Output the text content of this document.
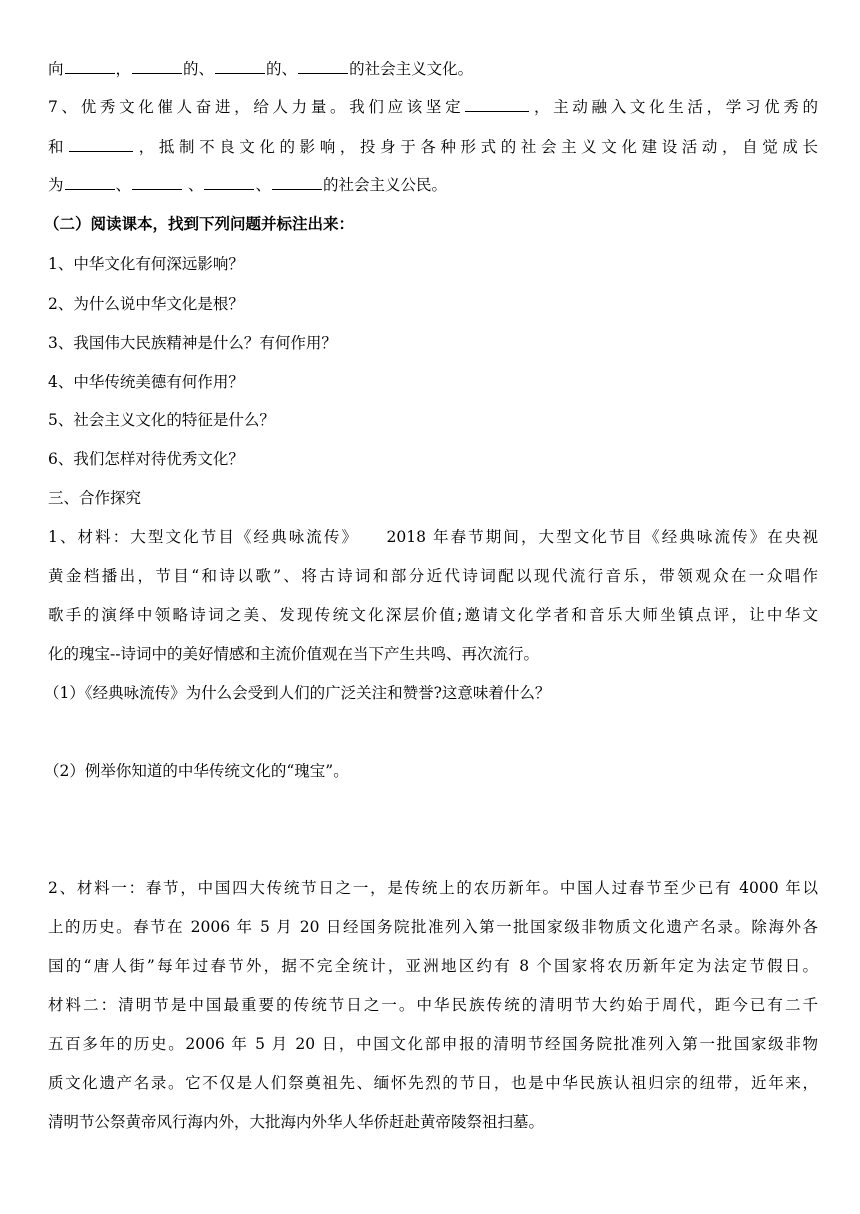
向	，	的、	的、	的社会主义文化。
7、优秀文化催人奋进，给人力量。我们应该坚定	，主动融入文化生活，学习优秀的
和	，抵制不良文化的影响，投身于各种形式的社会主义文化建设活动，自觉成长
为	、	、	、	的社会主义公民。
（二）阅读课本，找到下列问题并标注出来：
1、中华文化有何深远影响？
2、为什么说中华文化是根？
3、我国伟大民族精神是什么？有何作用？
4、中华传统美德有何作用？
5、社会主义文化的特征是什么？
6、我们怎样对待优秀文化？
三、合作探究
1、材料：大型文化节目《经典咏流传》　　2018 年春节期间，大型文化节目《经典咏流传》在央视
黄金档播出，节目“和诗以歌”、将古诗词和部分近代诗词配以现代流行音乐，带领观众在一众唱作
歌手的演绎中领略诗词之美、发现传统文化深层价值;邀请文化学者和音乐大师坐镇点评，让中华文
化的瑰宝--诗词中的美好情感和主流价值观在当下产生共鸣、再次流行。
（1）《经典咏流传》为什么会受到人们的广泛关注和赞誉?这意味着什么？
（2）例举你知道的中华传统文化的“瑰宝”。
2、材料一：春节，中国四大传统节日之一，是传统上的农历新年。中国人过春节至少已有 4000 年以
上的历史。春节在 2006 年 5 月 20 日经国务院批准列入第一批国家级非物质文化遗产名录。除海外各
国的“唐人街”每年过春节外，据不完全统计，亚洲地区约有 8 个国家将农历新年定为法定节假日。
材料二：清明节是中国最重要的传统节日之一。中华民族传统的清明节大约始于周代，距今已有二千
五百多年的历史。2006 年 5 月 20 日，中国文化部申报的清明节经国务院批准列入第一批国家级非物
质文化遗产名录。它不仅是人们祭奠祖先、缅怀先烈的节日，也是中华民族认祖归宗的纽带，近年来，
清明节公祭黄帝风行海内外，大批海内外华人华侨赶赴黄帝陵祭祖扫墓。
